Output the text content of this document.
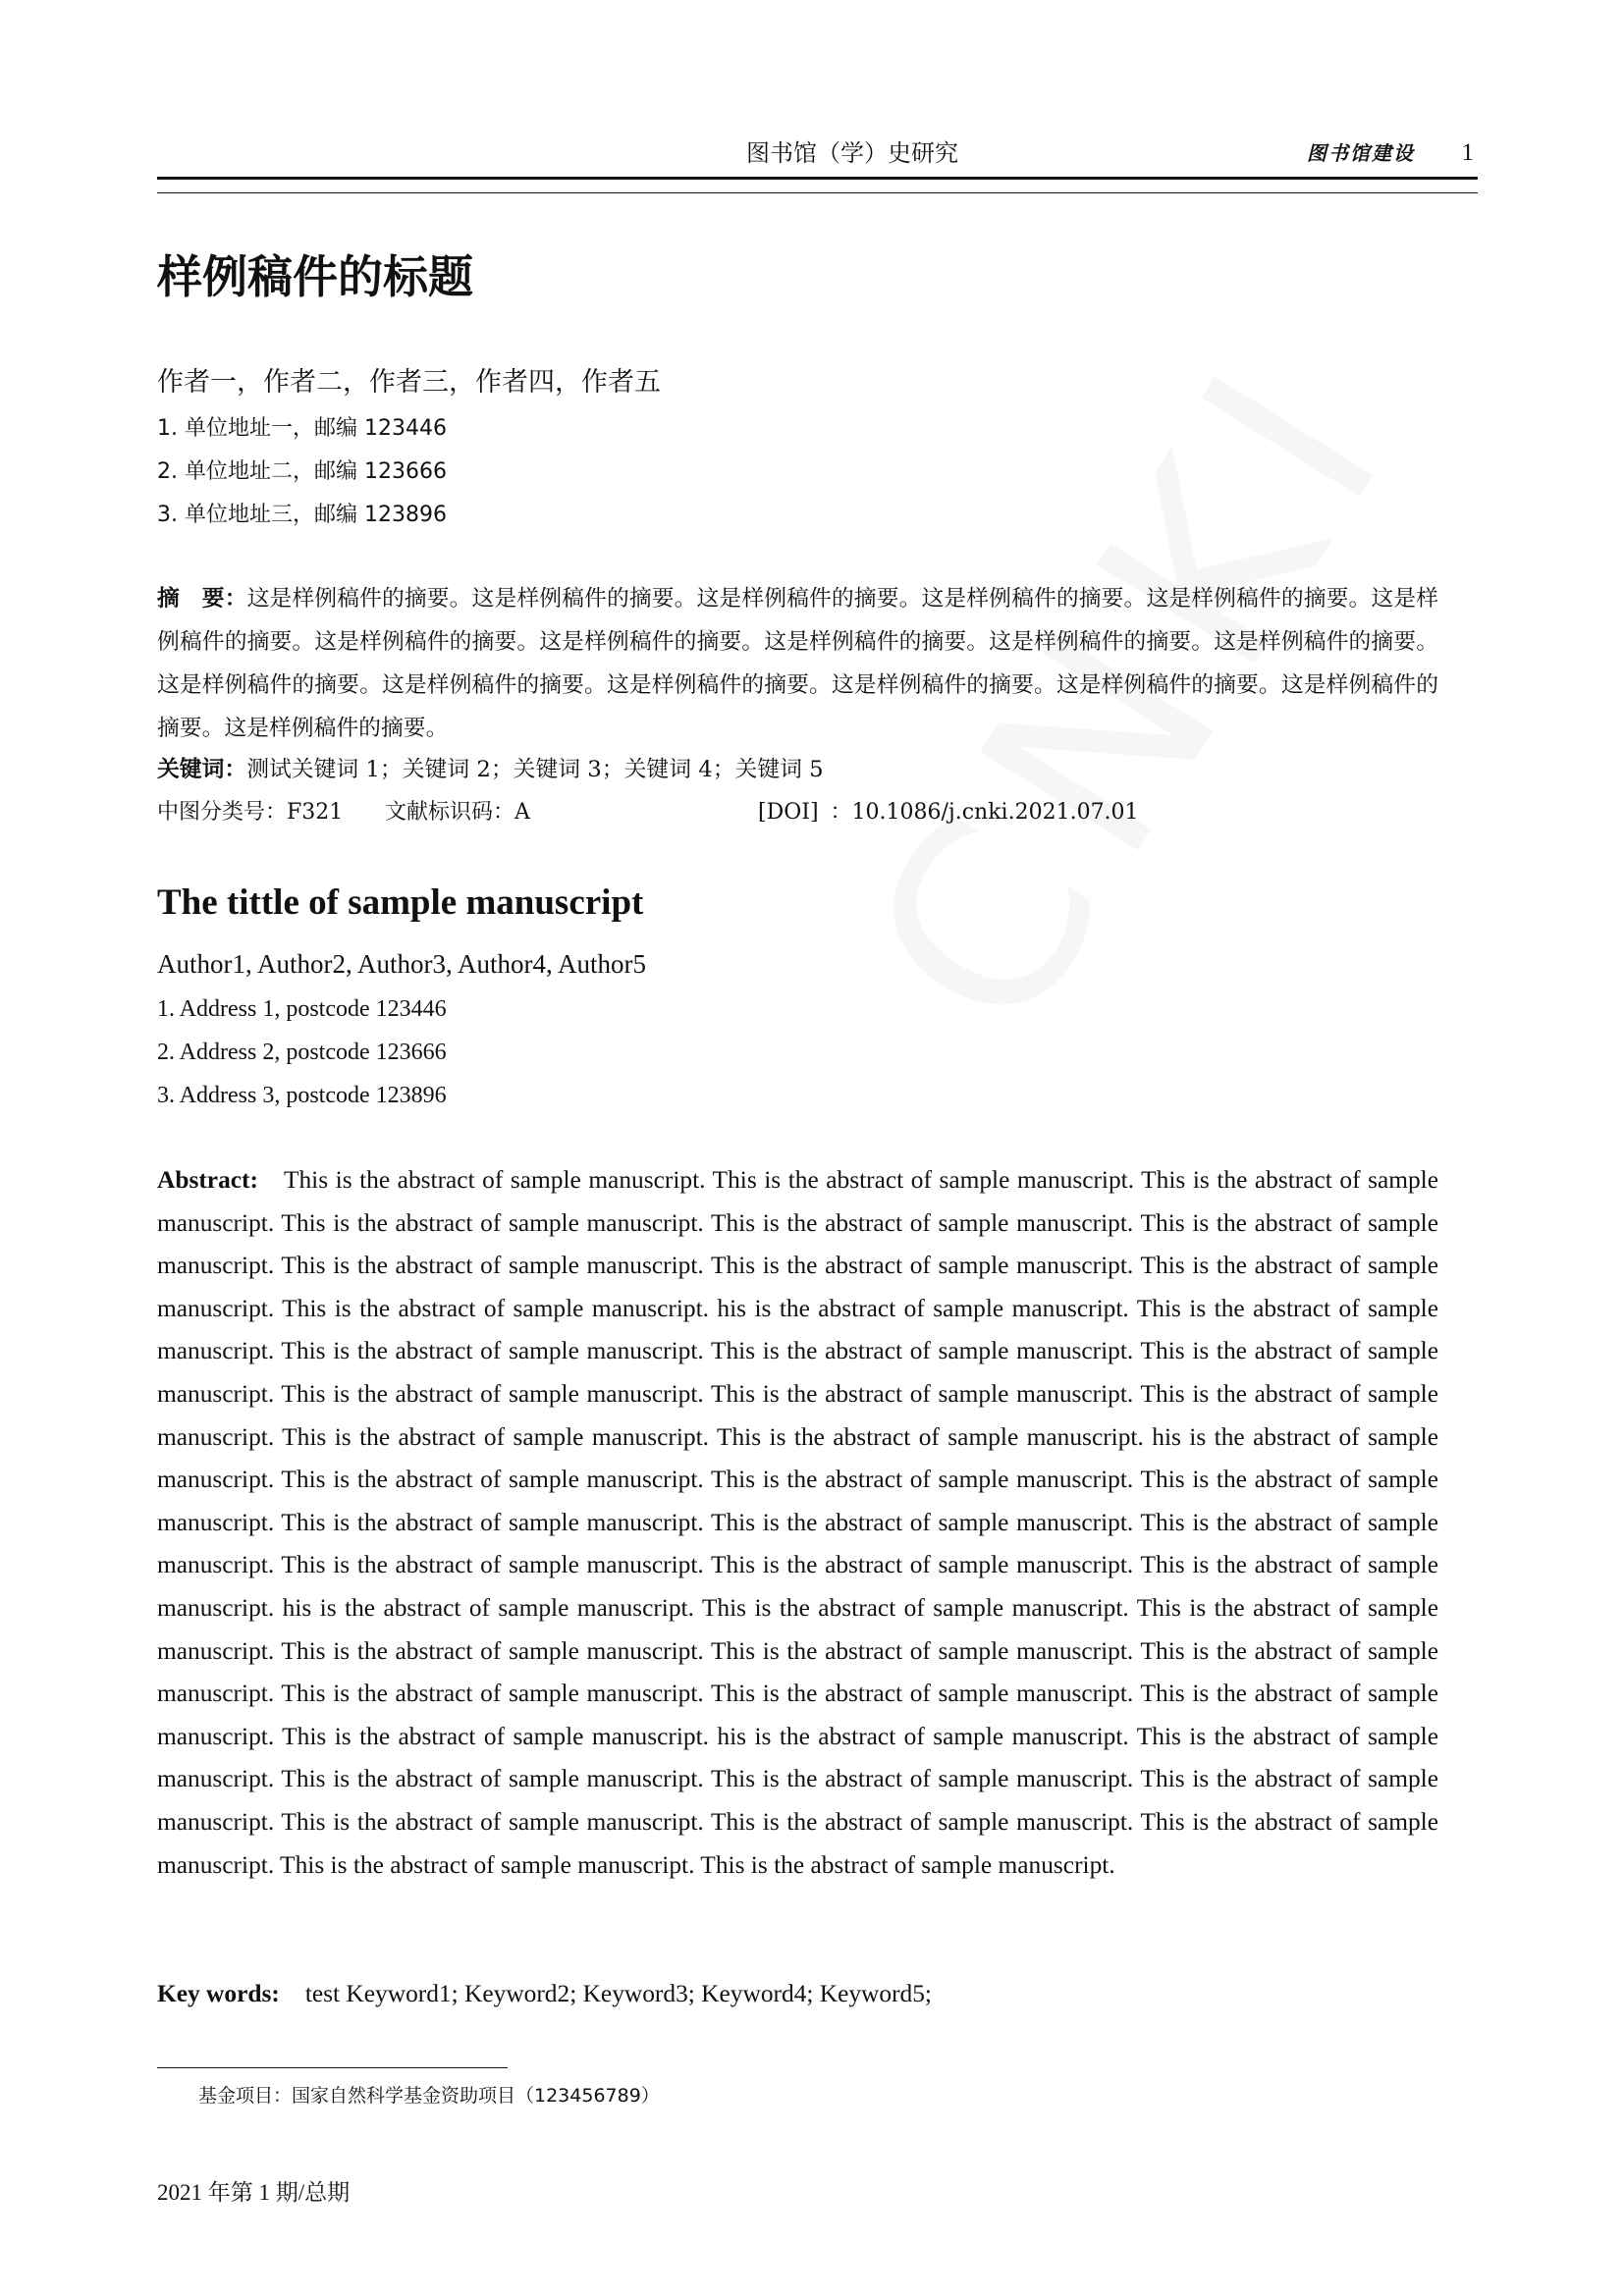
图书馆（学）史研究	图书馆建设 1
样例稿件的标题
作者一，作者二，作者三，作者四，作者五
1. 单位地址一，邮编 123446
2. 单位地址二，邮编 123666
3. 单位地址三，邮编 123896
摘　要：这是样例稿件的摘要。这是样例稿件的摘要。这是样例稿件的摘要。这是样例稿件的摘要。这是样例稿件的摘要。这是样例稿件的摘要。这是样例稿件的摘要。这是样例稿件的摘要。这是样例稿件的摘要。这是样例稿件的摘要。这是样例稿件的摘要。这是样例稿件的摘要。这是样例稿件的摘要。这是样例稿件的摘要。这是样例稿件的摘要。这是样例稿件的摘要。这是样例稿件的摘要。这是样例稿件的摘要。
关键词：测试关键词 1；关键词 2；关键词 3；关键词 4；关键词 5
中图分类号：F321 文献标识码：A	[DOI] ：10.1086/j.cnki.2021.07.01
The tittle of sample manuscript
Author1, Author2, Author3, Author4, Author5
1. Address 1, postcode 123446
2. Address 2, postcode 123666
3. Address 3, postcode 123896
Abstract: This is the abstract of sample manuscript. This is the abstract of sample manuscript. This is the abstract of sample manuscript. This is the abstract of sample manuscript. This is the abstract of sample manuscript. This is the abstract of sample manuscript. This is the abstract of sample manuscript. This is the abstract of sample manuscript. This is the abstract of sample manuscript. This is the abstract of sample manuscript. his is the abstract of sample manuscript. This is the abstract of sample manuscript. This is the abstract of sample manuscript. This is the abstract of sample manuscript. This is the abstract of sample manuscript. This is the abstract of sample manuscript. This is the abstract of sample manuscript. This is the abstract of sample manuscript. This is the abstract of sample manuscript. This is the abstract of sample manuscript. his is the abstract of sample manuscript. This is the abstract of sample manuscript. This is the abstract of sample manuscript. This is the abstract of sample manuscript. This is the abstract of sample manuscript. This is the abstract of sample manuscript. This is the abstract of sample manuscript. This is the abstract of sample manuscript. This is the abstract of sample manuscript. This is the abstract of sample manuscript. his is the abstract of sample manuscript. This is the abstract of sample manuscript. This is the abstract of sample manuscript. This is the abstract of sample manuscript. This is the abstract of sample manuscript. This is the abstract of sample manuscript. This is the abstract of sample manuscript. This is the abstract of sample manuscript. This is the abstract of sample manuscript. This is the abstract of sample manuscript. his is the abstract of sample manuscript. This is the abstract of sample manuscript. This is the abstract of sample manuscript. This is the abstract of sample manuscript. This is the abstract of sample manuscript. This is the abstract of sample manuscript. This is the abstract of sample manuscript. This is the abstract of sample manuscript. This is the abstract of sample manuscript. This is the abstract of sample manuscript.
Key words: test Keyword1; Keyword2; Keyword3; Keyword4; Keyword5;
基金项目：国家自然科学基金资助项目（123456789）
2021 年第 1 期/总期
